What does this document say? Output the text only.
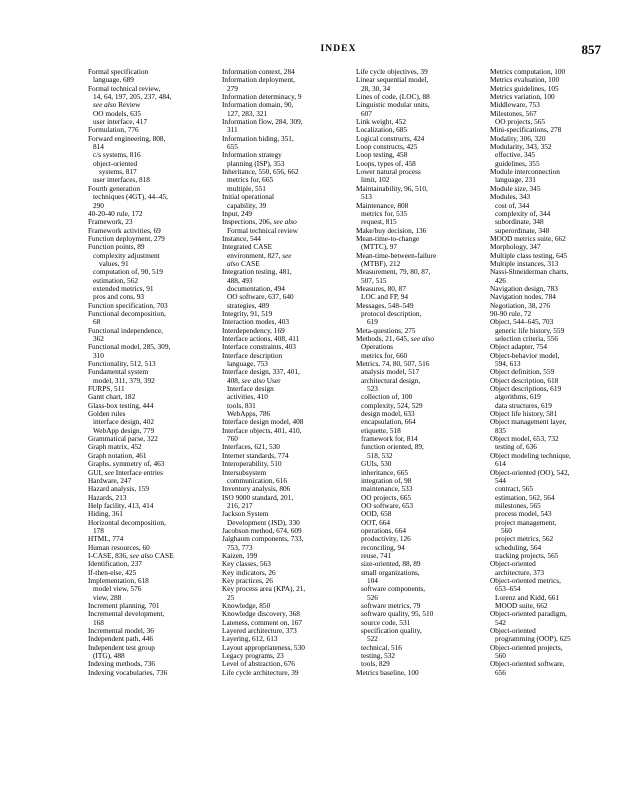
INDEX	857
Formal specification
language, 689
Formal technical review,
14, 64, 197, 205, 237, 484,
see also Review
OO models, 635
user interface, 417
Formulation, 776
Forward engineering, 808,
814
c/s systems, 816
object-oriented
systems, 817
user interfaces, 818
Fourth generation
techniques (4GT), 44–45,
290
40-20-40 rule, 172
Framework, 23
Framework activities, 69
Function deployment, 279
Function points, 89
complexity adjustment
values, 91
computation of, 90, 519
estimation, 562
extended metrics, 91
pros and cons, 93
Function specification, 703
Functional decomposition,
68
Functional independence,
362
Functional model, 285, 309,
310
Functionality, 512, 513
Fundamental system
model, 311, 379, 392
FURPS, 511
Gantt chart, 182
Glass-box testing, 444
Golden rules
interface design, 402
WebApp design, 779
Grammatical parse, 322
Graph matrix, 452
Graph notation, 461
Graphs, symmetry of, 463
GUI, see Interface entries
Hardware, 247
Hazard analysis, 159
Hazards, 213
Help facility, 413, 414
Hiding, 361
Horizontal decomposition,
178
HTML, 774
Human resources, 60
I-CASE, 836, see also CASE
Identification, 237
If-then-else, 425
Implementation, 618
model view, 576
view, 288
Increment planning, 701
Incremental development,
168
Incremental model, 36
Independent path, 446
Independent test group
(ITG), 488
Indexing methods, 736
Indexing vocabularies, 736
Information context, 284
Information deployment,
279
Information determinacy, 9
Information domain, 90,
127, 283, 321
Information flow, 284, 309,
311
Information hiding, 351,
655
Information strategy
planning (ISP), 353
Inheritance, 550, 656, 662
metrics for, 665
multiple, 551
Initial operational
capability, 39
Input, 249
Inspections, 206, see also
Formal technical review
Instance, 544
Integrated CASE
environment, 827, see
also CASE
Integration testing, 481,
488, 493
documentation, 494
OO software, 637, 640
strategies, 489
Integrity, 91, 519
Interaction modes, 403
Interdependency, 169
Interface actions, 408, 411
Interface constraints, 403
Interface description
language, 753
Interface design, 337, 401,
408, see also User
Interface design
activities, 410
tools, 831
WebApps, 786
Interface design model, 408
Interface objects, 401, 410,
760
Interfaces, 621, 530
Internet standards, 774
Interoperability, 510
Intersubsystem
communication, 616
Inventory analysis, 806
ISO 9000 standard, 201,
216, 217
Jackson System
Development (JSD), 330
Jacobson method, 674, 609
Jalghaum components, 733,
753, 773
Kaizen, 199
Key classes, 563
Key indicators, 26
Key practices, 26
Key process area (KPA), 21,
25
Knowledge, 850
Knowledge discovery, 368
Lateness, comment on, 167
Layered architecture, 373
Layering, 612, 613
Layout appropriateness, 530
Legacy programs, 23
Level of abstraction, 676
Life cycle architecture, 39
Life cycle objectives, 39
Linear sequential model,
28, 30, 34
Lines of code, (LOC), 88
Linguistic modular units,
607
Link weight, 452
Localization, 685
Logical constructs, 424
Loop constructs, 425
Loop testing, 458
Loops, types of, 458
Lower natural process
limit, 102
Maintainability, 96, 510,
513
Maintenance, 808
metrics for, 535
request, 815
Make/buy decision, 136
Mean-time-to-change
(MTTC), 97
Mean-time-between-failure
(MTBF), 212
Measurement, 79, 80, 87,
507, 515
Measures, 80, 87
LOC and FP, 94
Messages, 548–549
protocol description,
619
Meta-questions, 275
Methods, 21, 645, see also
Operations
metrics for, 660
Metrics, 74, 80, 507, 516
analysis model, 517
architectural design,
523
collection of, 100
complexity, 524, 529
design model, 633
encapsulation, 664
etiquette, 518
framework for, 814
function oriented, 89,
518, 532
GUIs, 530
inheritance, 665
integration of, 98
maintenance, 533
OO projects, 665
OO software, 653
OOD, 658
OOT, 664
operations, 664
productivity, 126
reconciling, 94
reuse, 741
size-oriented, 88, 89
small organizations,
104
software components,
526
software metrics, 79
software quality, 95, 510
source code, 531
specification quality,
522
technical, 516
testing, 532
tools, 829
Metrics baseline, 100
Metrics computation, 100
Metrics evaluation, 100
Metrics guidelines, 105
Metrics variation, 100
Middleware, 753
Milestones, 567
OO projects, 565
Mini-specifications, 278
Modality, 306, 320
Modularity, 343, 352
effective, 345
guidelines, 355
Module interconnection
language, 231
Module size, 345
Modules, 343
cost of, 344
complexity of, 344
subordinate, 348
superordinate, 348
MOOD metrics suite, 662
Morphology, 347
Multiple class testing, 645
Multiple instances, 313
Nassi-Shneiderman charts,
426
Navigation design, 783
Navigation nodes, 784
Negotiation, 38, 276
90-90 rule, 72
Object, 544–645, 703
generic life history, 559
selection criteria, 556
Object adapter, 754
Object-behavior model,
594, 613
Object definition, 559
Object description, 618
Object descriptions, 619
algorithms, 619
data structures, 619
Object life history, 581
Object management layer,
835
Object model, 653, 732
testing of, 636
Object modeling technique,
614
Object-oriented (OO), 542,
544
contract, 565
estimation, 562, 564
milestones, 565
process model, 543
project management,
560
project metrics, 562
scheduling, 564
tracking projects, 565
Object-oriented
architecture, 373
Object-oriented metrics,
653–654
Lorenz and Kidd, 661
MOOD suite, 662
Object-oriented paradigm,
542
Object-oriented
programming (OOP), 625
Object-oriented projects,
560
Object-oriented software,
656
